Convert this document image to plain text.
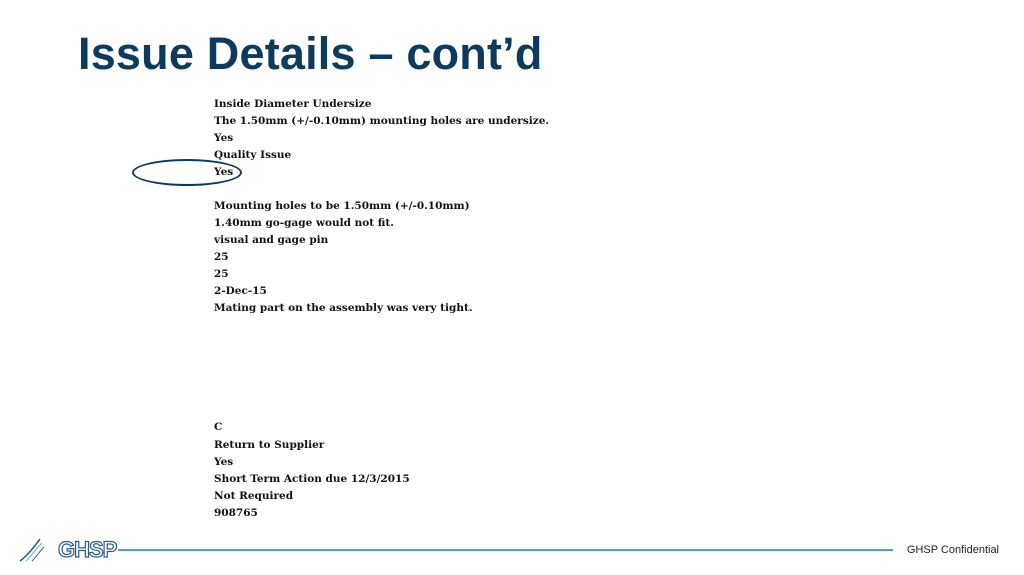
Issue Details – cont’d
Inside Diameter Undersize
The 1.50mm (+/-0.10mm) mounting holes are undersize.
Yes
Quality Issue
Yes
Mounting holes to be 1.50mm (+/-0.10mm)
1.40mm go-gage would not fit.
visual and gage pin
25
25
2-Dec-15
Mating part on the assembly was very tight.
C
Return to Supplier
Yes
Short Term Action due 12/3/2015
Not Required
908765
GHSP	GHSP Confidential
